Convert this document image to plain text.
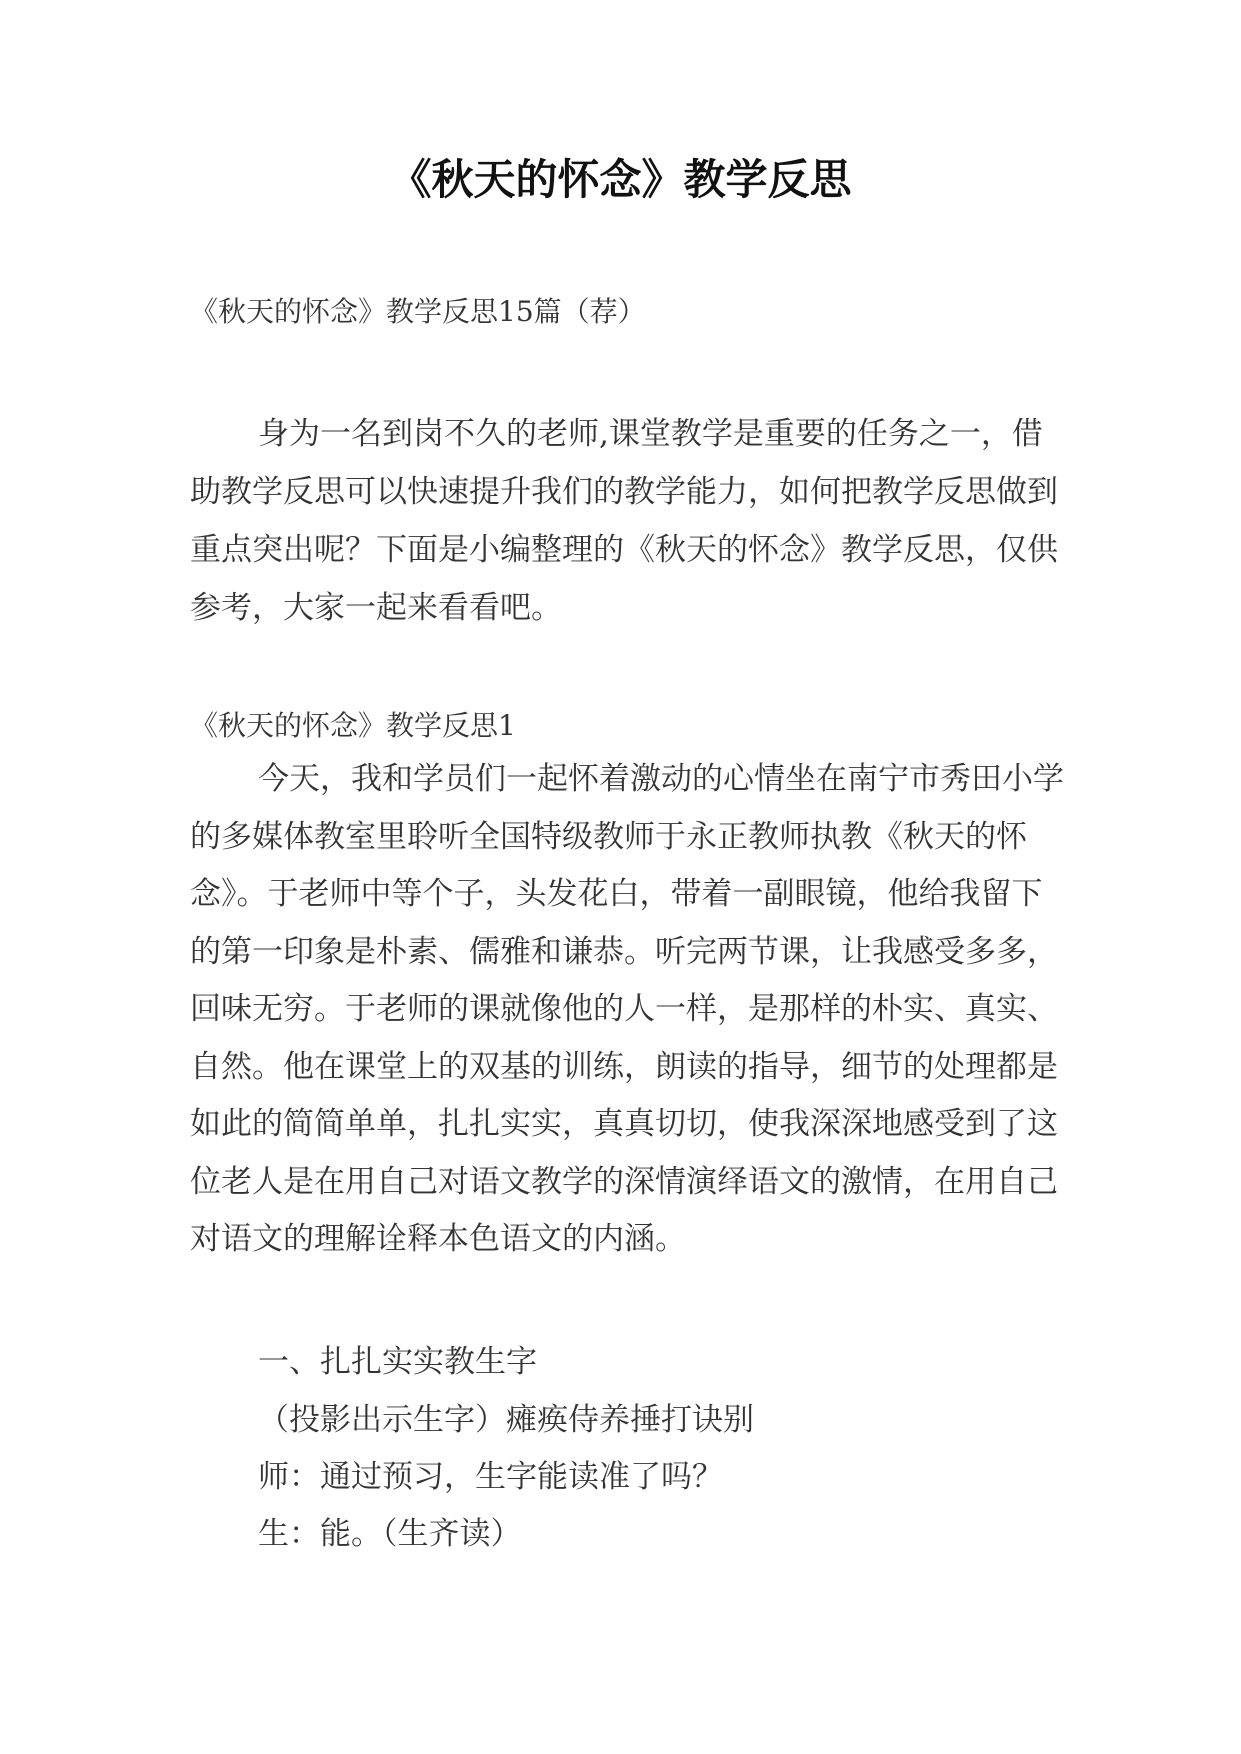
《秋天的怀念》教学反思

《秋天的怀念》教学反思15篇（荐）

身为一名到岗不久的老师,课堂教学是重要的任务之一，借助教学反思可以快速提升我们的教学能力，如何把教学反思做到重点突出呢？下面是小编整理的《秋天的怀念》教学反思，仅供参考，大家一起来看看吧。

《秋天的怀念》教学反思1

今天，我和学员们一起怀着激动的心情坐在南宁市秀田小学的多媒体教室里聆听全国特级教师于永正教师执教《秋天的怀念》。于老师中等个子，头发花白，带着一副眼镜，他给我留下的第一印象是朴素、儒雅和谦恭。听完两节课，让我感受多多，回味无穷。于老师的课就像他的人一样，是那样的朴实、真实、自然。他在课堂上的双基的训练，朗读的指导，细节的处理都是如此的简简单单，扎扎实实，真真切切，使我深深地感受到了这位老人是在用自己对语文教学的深情演绎语文的激情，在用自己对语文的理解诠释本色语文的内涵。

一、扎扎实实教生字

（投影出示生字）瘫痪侍养捶打诀别

师：通过预习，生字能读准了吗？

生：能。（生齐读）
